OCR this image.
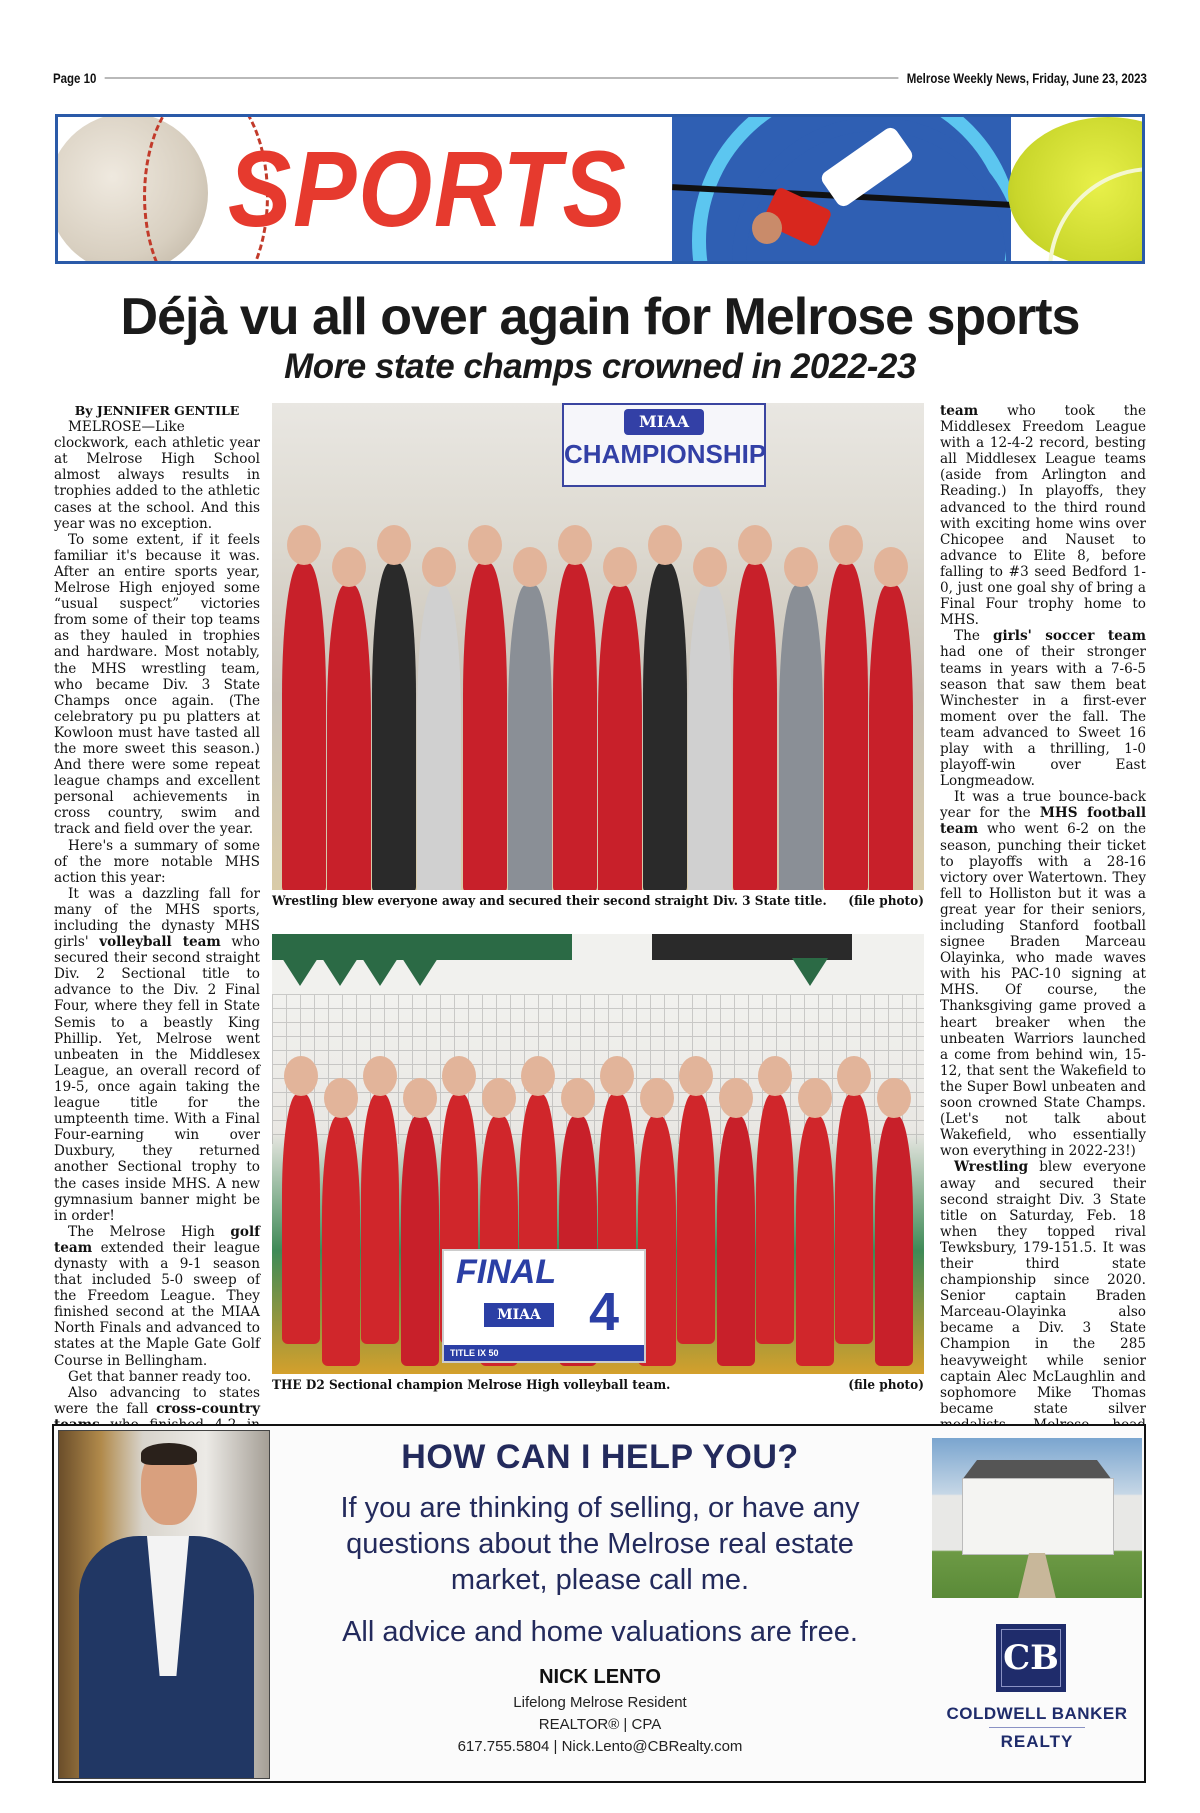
Page 10	Melrose Weekly News, Friday, June 23, 2023
SPORTS
Déjà vu all over again for Melrose sports
More state champs crowned in 2022-23

By JENNIFER GENTILE

MELROSE—Like clockwork, each athletic year at Melrose High School almost always results in trophies added to the athletic cases at the school. And this year was no exception.

To some extent, if it feels familiar it's because it was. After an entire sports year, Melrose High enjoyed some “usual suspect” victories from some of their top teams as they hauled in trophies and hardware. Most notably, the MHS wrestling team, who became Div. 3 State Champs once again. (The celebratory pu pu platters at Kowloon must have tasted all the more sweet this season.) And there were some repeat league champs and excellent personal achievements in cross country, swim and track and field over the year.

Here's a summary of some of the more notable MHS action this year:

It was a dazzling fall for many of the MHS sports, including the dynasty MHS girls' volleyball team who secured their second straight Div. 2 Sectional title to advance to the Div. 2 Final Four, where they fell in State Semis to a beastly King Phillip. Yet, Melrose went unbeaten in the Middlesex League, an overall record of 19-5, once again taking the league title for the umpteenth time. With a Final Four-earning win over Duxbury, they returned another Sectional trophy to the cases inside MHS. A new gymnasium banner might be in order!

The Melrose High golf team extended their league dynasty with a 9-1 season that included 5-0 sweep of the Freedom League. They finished second at the MIAA North Finals and advanced to states at the Maple Gate Golf Course in Bellingham.

Get that banner ready too.

Also advancing to states were the fall cross-country

MIAA
CHAMPIONSHIP
Wrestling blew everyone away and secured their second straight Div. 3 State title. (file photo)
FINAL
MIAA 4
TITLE IX 50
THE D2 Sectional champion Melrose High volleyball team.	(file photo)

team who took the Middlesex Freedom League with a 12-4-2 record, besting all Middlesex League teams (aside from Arlington and Reading.) In playoffs, they advanced to the third round with exciting home wins over Chicopee and Nauset to advance to Elite 8, before falling to #3 seed Bedford 1-0, just one goal shy of bring a Final Four trophy home to MHS.

The girls' soccer team had one of their stronger teams in years with a 7-6-5 season that saw them beat Winchester in a first-ever moment over the fall. The team advanced to Sweet 16 play with a thrilling, 1-0 playoff-win over East Longmeadow.

It was a true bounce-back year for the MHS football team who went 6-2 on the season, punching their ticket to playoffs with a 28-16 victory over Watertown. They fell to Holliston but it was a great year for their seniors, including Stanford football signee Braden Marceau Olayinka, who made waves with his PAC-10 signing at MHS. Of course, the Thanksgiving game proved a heart breaker when the unbeaten Warriors launched a come from behind win, 15-12, that sent the Wakefield to the Super Bowl unbeaten and soon crowned State Champs. (Let's not talk about Wakefield, who essentially won everything in 2022-23!)

Wrestling blew everyone away and secured their second straight Div. 3 State title on Saturday, Feb. 18 when they topped rival Tewksbury, 179-151.5. It was their third state championship since 2020. Senior captain Braden Marceau-Olayinka also became a Div. 3 State Champion in the 285 heavyweight while senior captain Alec McLaughlin and sophomore Mike Thomas became state silver

HOW CAN I HELP YOU?
If you are thinking of selling, or have any
questions about the Melrose real estate
market, please call me.
All advice and home valuations are free.
NICK LENTO
Lifelong Melrose Resident
REALTOR® | CPA
617.755.5804 | Nick.Lento@CBRealty.com
CB
COLDWELL BANKER
REALTY
